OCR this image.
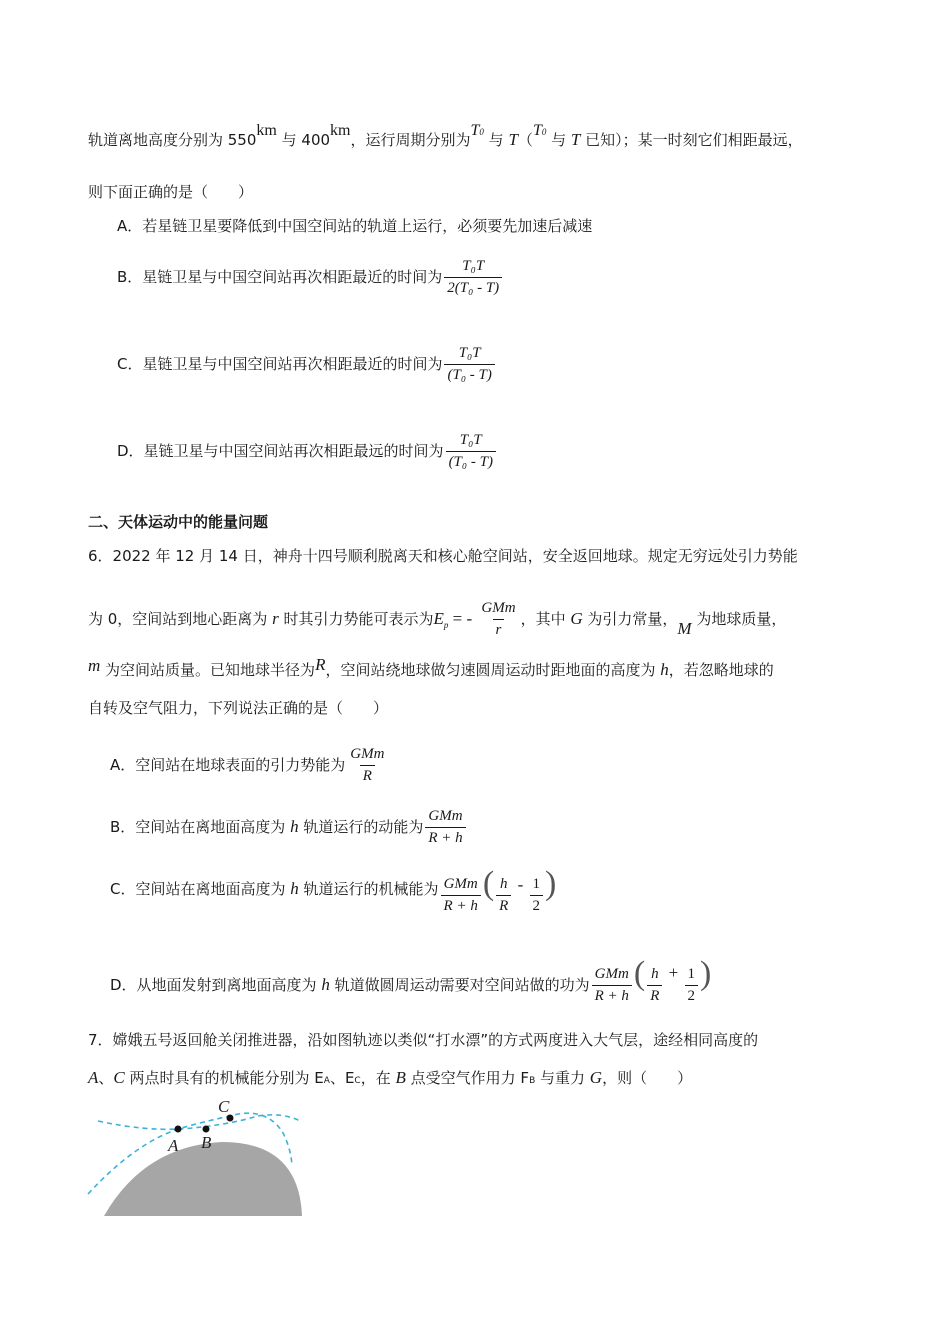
轨道离地高度分别为 550km 与 400km，运行周期分别为T0 与 T（T0 与 T 已知）；某一时刻它们相距最远，
则下面正确的是（　　）
A．若星链卫星要降低到中国空间站的轨道上运行，必须要先加速后减速
B．星链卫星与中国空间站再次相距最近的时间为 $\frac{\text{T₀T}}{\text{2(T₀ - T)}}$
C．星链卫星与中国空间站再次相距最近的时间为 $\frac{\text{T₀T}}{\text{(T₀ - T)}}$
D．星链卫星与中国空间站再次相距最远的时间为 $\frac{\text{T₀T}}{\text{(T₀ - T)}}$
二、天体运动中的能量问题
6．2022 年 12 月 14 日，神舟十四号顺利脱离天和核心舱空间站，安全返回地球。规定无穷远处引力势能
为 0，空间站到地心距离为 r 时其引力势能可表示为$E_p$ = - $\frac{\text{GMm}}{r}$ ，其中 G 为引力常量，M 为地球质量，
m 为空间站质量。已知地球半径为R，空间站绕地球做匀速圆周运动时距地面的高度为 h，若忽略地球的
自转及空气阻力，下列说法正确的是（　　）
A．空间站在地球表面的引力势能为 $\frac{\text{GMm}}{R}$
B．空间站在离地面高度为 h 轨道运行的动能为 $\frac{\text{GMm}}{R + h}$
C．空间站在离地面高度为 h 轨道运行的机械能为 $\frac{\text{GMm}}{R + h}$ ( $\frac{h}{R} - \frac{1}{2}$ )
D．从地面发射到离地面高度为 h 轨道做圆周运动需要对空间站做的功为 $\frac{\text{GMm}}{R + h}$ ( $\frac{h}{R} + \frac{1}{2}$ )
7．嫦娥五号返回舱关闭推进器，沿如图轨迹以类似“打水漂”的方式两度进入大气层，途经相同高度的
A、C 两点时具有的机械能分别为 EA、EC，在 B 点受空气作用力 FB 与重力 G，则（　　）
A B
C
